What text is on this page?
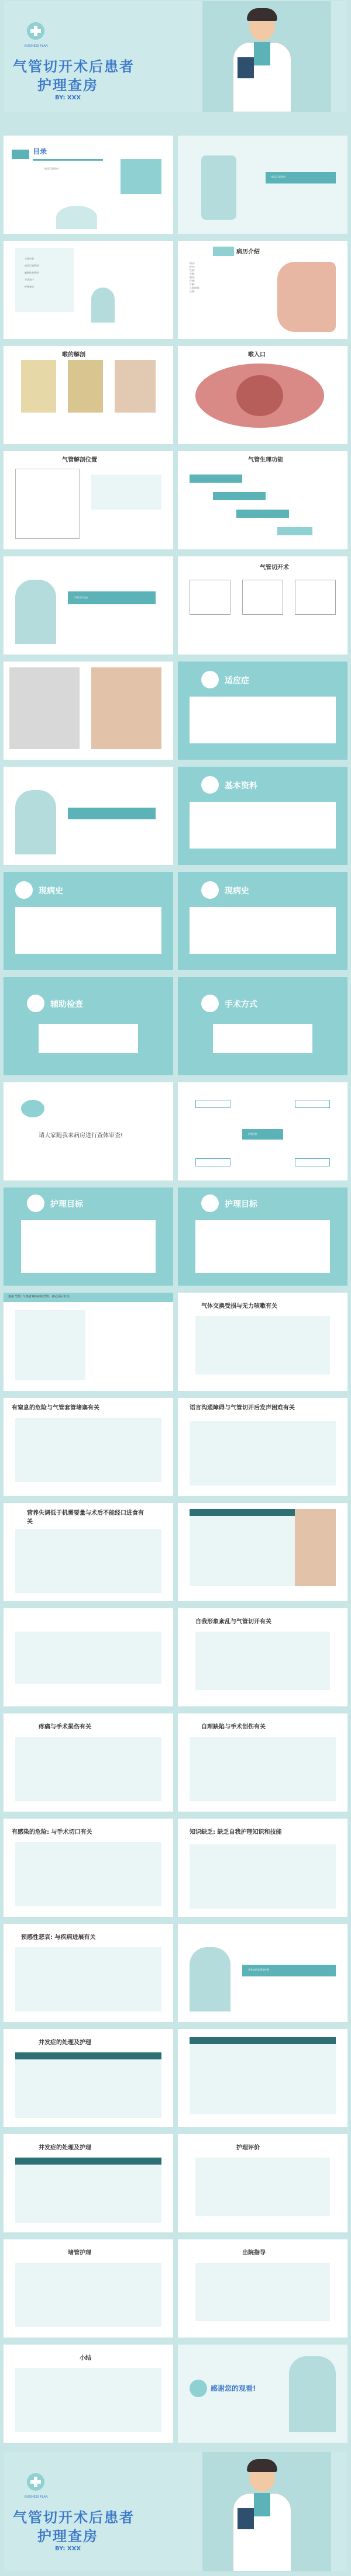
BUSINESS PLAN
气管切开术后患者
护理查房
BY: XXX
目录
病历汇报资料
病历汇报资料
主要内容
病历汇报资料
辅助检查资料
手术治疗
护理查房
病历介绍
病历:
姓名:
性别:
年龄:
职业:
民族:
诊断:
入院时间:
住院:
喉的解剖	喉入口
气管解剖位置	气管生理功能
气管切开术的
气管切开术
适应症
基本资料
现病史	现病史
辅助检查	手术方式
请大家随我来病房进行查体审查!	护理诊断
护理目标	护理目标
焦虑 恐惧: 与患者对疾病的恐惧、担心预后有关
气体交换受损与无力咳嗽有关
有窒息的危险与气管套管堵塞有关	语言沟通障碍与气管切开后发声困难有关
营养失调低于机需要量与术后不能经口进食有关
自我形象紊乱与气管切开有关
疼痛与手术损伤有关	自理缺陷与手术创伤有关
有感染的危险: 与手术切口有关	知识缺乏: 缺乏自我护理知识和技能
预感性悲哀: 与疾病进展有关
并发症的处理及护理
并发症的处理及护理
并发症的处理及护理	护理评价
堵管护理	出院指导
小结
感谢您的观看!
BUSINESS PLAN
气管切开术后患者
护理查房
BY: XXX
